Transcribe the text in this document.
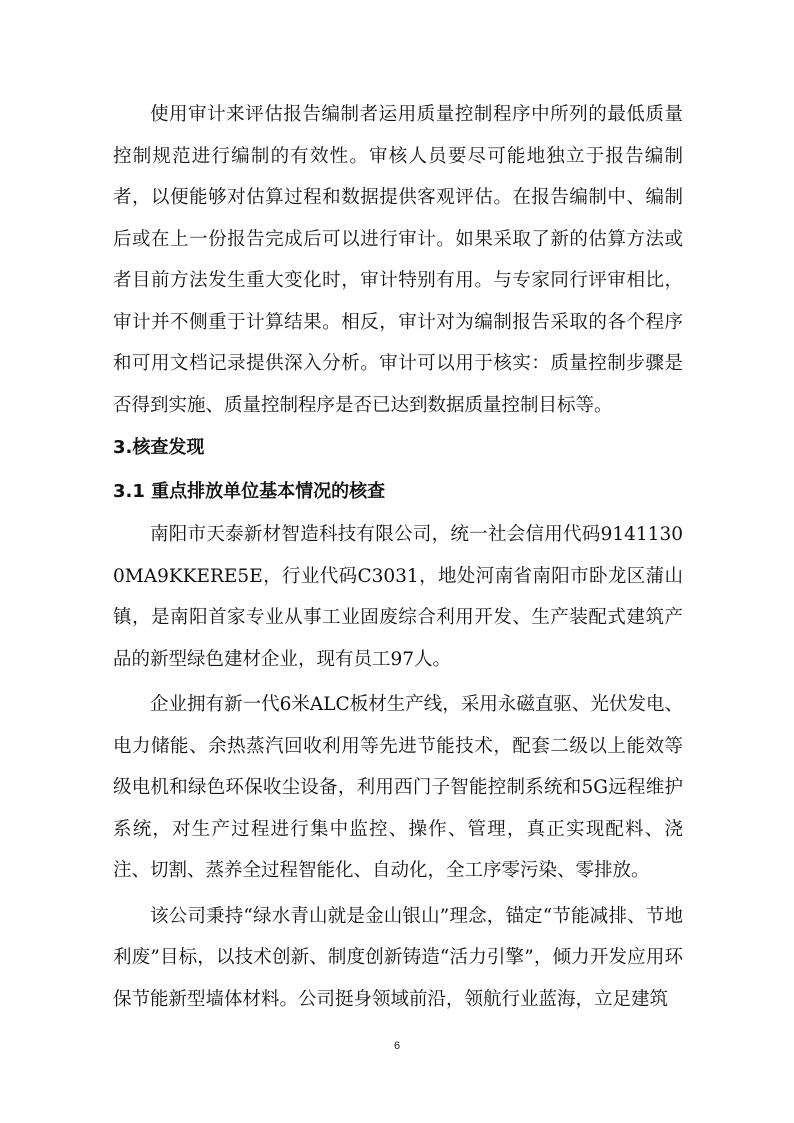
使用审计来评估报告编制者运用质量控制程序中所列的最低质量控制规范进行编制的有效性。审核人员要尽可能地独立于报告编制者，以便能够对估算过程和数据提供客观评估。在报告编制中、编制后或在上一份报告完成后可以进行审计。如果采取了新的估算方法或者目前方法发生重大变化时，审计特别有用。与专家同行评审相比，审计并不侧重于计算结果。相反，审计对为编制报告采取的各个程序和可用文档记录提供深入分析。审计可以用于核实：质量控制步骤是否得到实施、质量控制程序是否已达到数据质量控制目标等。

3.核查发现
3.1 重点排放单位基本情况的核查

南阳市天泰新材智造科技有限公司，统一社会信用代码91411300MA9KKERE5E，行业代码C3031，地处河南省南阳市卧龙区蒲山镇，是南阳首家专业从事工业固废综合利用开发、生产装配式建筑产品的新型绿色建材企业，现有员工97人。

企业拥有新一代6米ALC板材生产线，采用永磁直驱、光伏发电、电力储能、余热蒸汽回收利用等先进节能技术，配套二级以上能效等级电机和绿色环保收尘设备，利用西门子智能控制系统和5G远程维护系统，对生产过程进行集中监控、操作、管理，真正实现配料、浇注、切割、蒸养全过程智能化、自动化，全工序零污染、零排放。

该公司秉持“绿水青山就是金山银山”理念，锚定“节能减排、节地利废”目标，以技术创新、制度创新铸造“活力引擎”，倾力开发应用环保节能新型墙体材料。公司挺身领域前沿，领航行业蓝海，立足建筑

6
